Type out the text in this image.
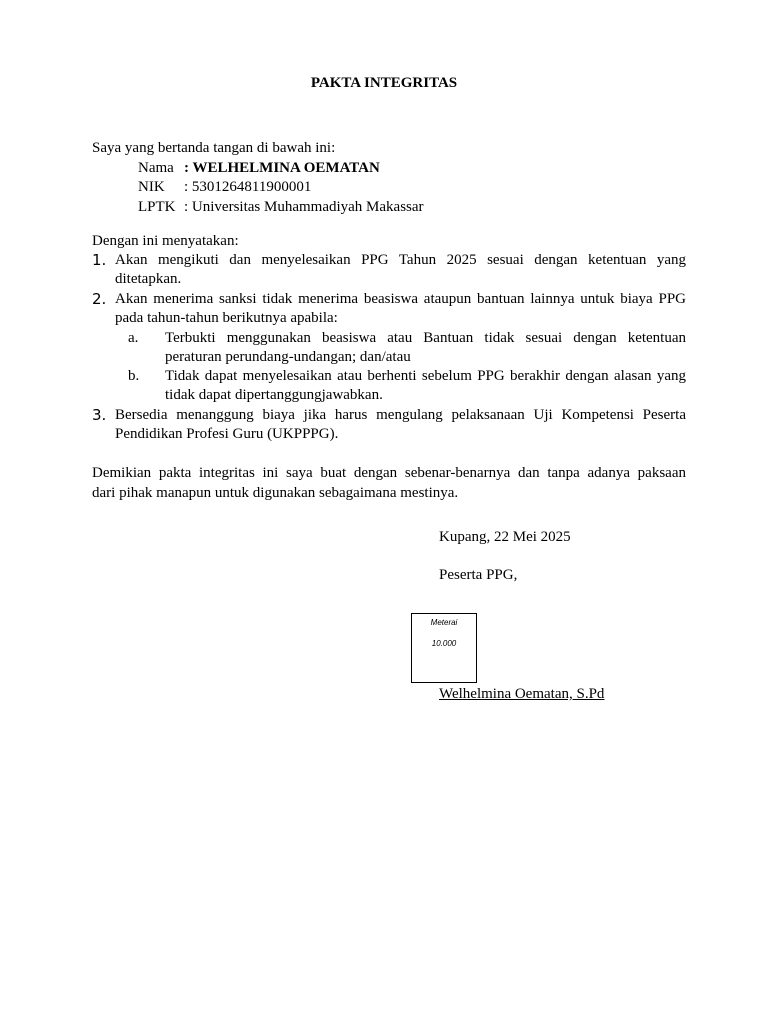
PAKTA INTEGRITAS
Saya yang bertanda tangan di bawah ini:
Nama : WELHELMINA OEMATAN
NIK : 5301264811900001
LPTK : Universitas Muhammadiyah Makassar
Dengan ini menyatakan:
1. Akan mengikuti dan menyelesaikan PPG Tahun 2025 sesuai dengan ketentuan yang
ditetapkan.
2. Akan menerima sanksi tidak menerima beasiswa ataupun bantuan lainnya untuk biaya PPG
pada tahun-tahun berikutnya apabila:
a. Terbukti menggunakan beasiswa atau Bantuan tidak sesuai dengan ketentuan
peraturan perundang-undangan; dan/atau
b. Tidak dapat menyelesaikan atau berhenti sebelum PPG berakhir dengan alasan yang
tidak dapat dipertanggungjawabkan.
3. Bersedia menanggung biaya jika harus mengulang pelaksanaan Uji Kompetensi Peserta
Pendidikan Profesi Guru (UKPPPG).
Demikian pakta integritas ini saya buat dengan sebenar-benarnya dan tanpa adanya paksaan
dari pihak manapun untuk digunakan sebagaimana mestinya.
Kupang, 22 Mei 2025
Peserta PPG,
Meterai
10.000
Welhelmina Oematan, S.Pd
